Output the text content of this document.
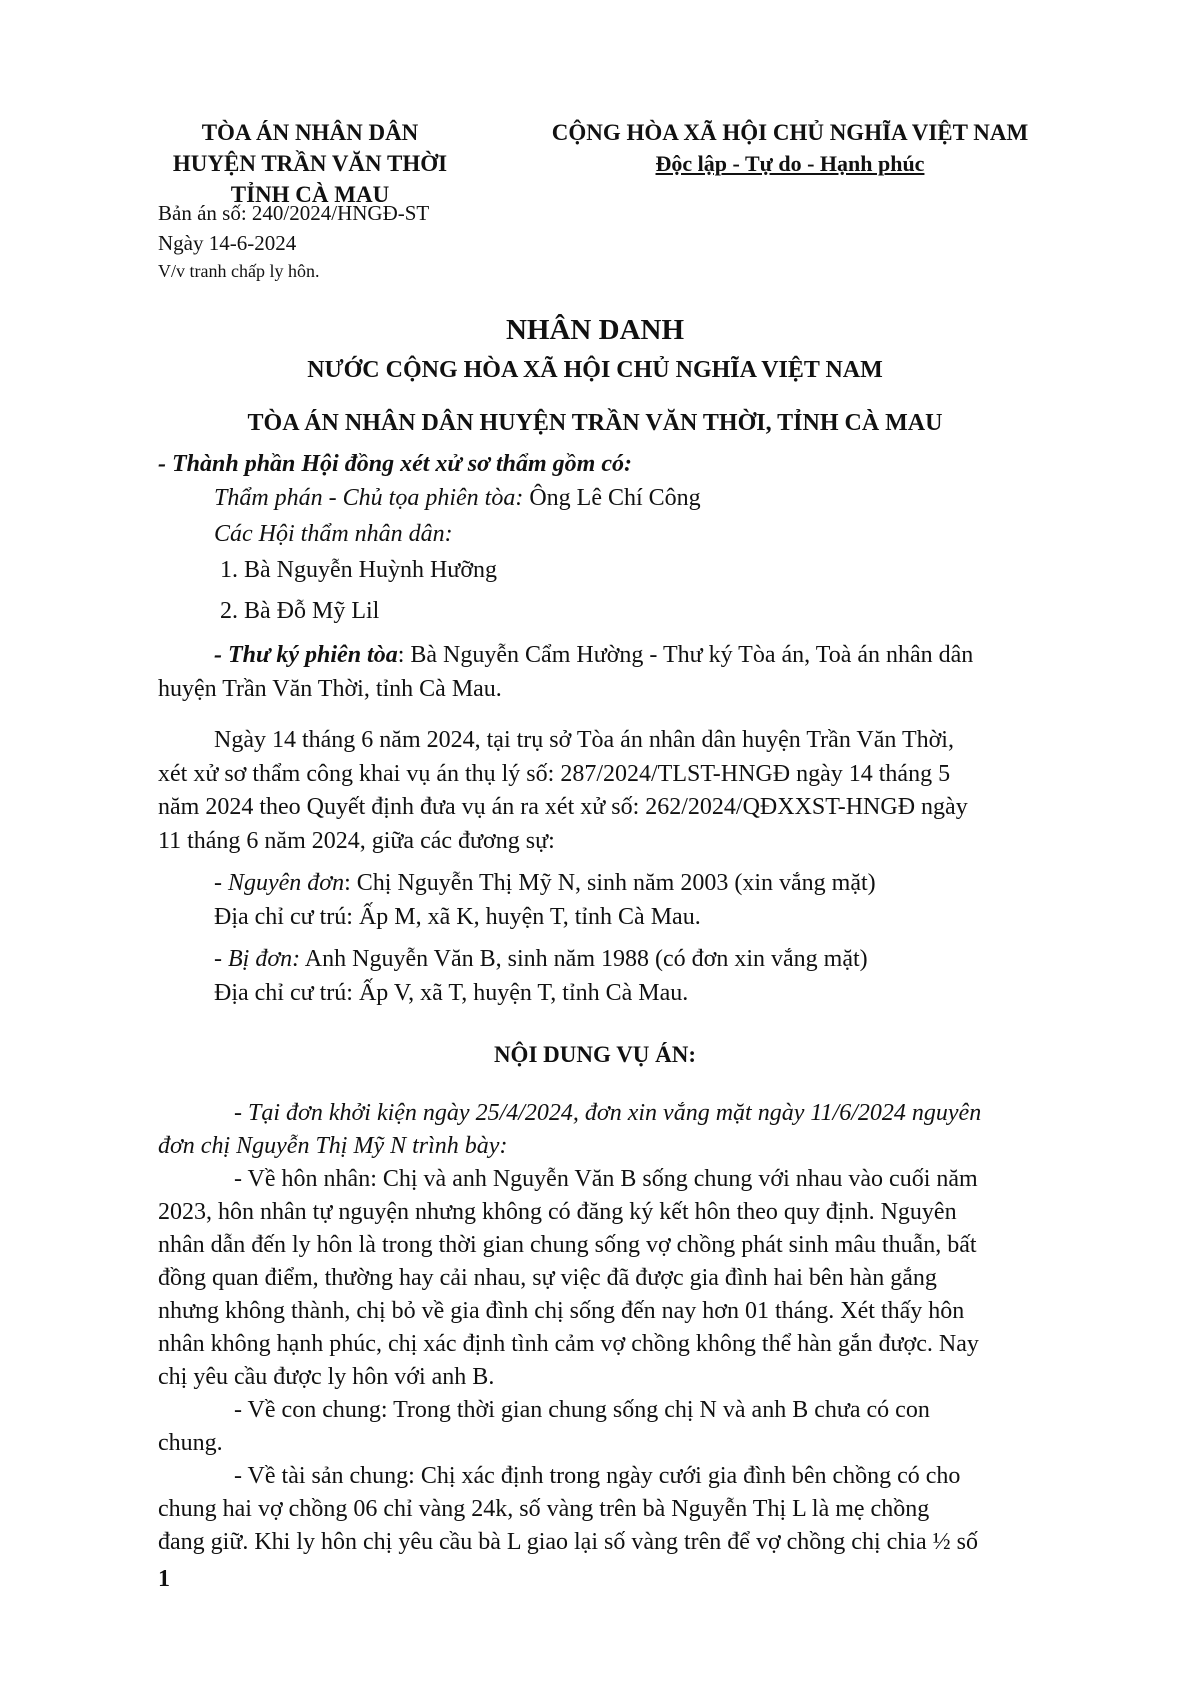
TÒA ÁN NHÂN DÂN
HUYỆN TRẦN VĂN THỜI
TỈNH CÀ MAU
CỘNG HÒA XÃ HỘI CHỦ NGHĨA VIỆT NAM
Độc lập - Tự do - Hạnh phúc
Bản án số: 240/2024/HNGĐ-ST
Ngày 14-6-2024
V/v tranh chấp ly hôn.
NHÂN DANH
NƯỚC CỘNG HÒA XÃ HỘI CHỦ NGHĨA VIỆT NAM
TÒA ÁN NHÂN DÂN HUYỆN TRẦN VĂN THỜI, TỈNH CÀ MAU
- Thành phần Hội đồng xét xử sơ thẩm gồm có:
Thẩm phán - Chủ tọa phiên tòa: Ông Lê Chí Công
Các Hội thẩm nhân dân:
1. Bà Nguyễn Huỳnh Hưỡng
2. Bà Đỗ Mỹ Lil
- Thư ký phiên tòa: Bà Nguyễn Cẩm Hường - Thư ký Tòa án, Toà án nhân dân
huyện Trần Văn Thời, tỉnh Cà Mau.
Ngày 14 tháng 6 năm 2024, tại trụ sở Tòa án nhân dân huyện Trần Văn Thời,
xét xử sơ thẩm công khai vụ án thụ lý số: 287/2024/TLST-HNGĐ ngày 14 tháng 5
năm 2024 theo Quyết định đưa vụ án ra xét xử số: 262/2024/QĐXXST-HNGĐ ngày
11 tháng 6 năm 2024, giữa các đương sự:
- Nguyên đơn: Chị Nguyễn Thị Mỹ N, sinh năm 2003 (xin vắng mặt)
Địa chỉ cư trú: Ấp M, xã K, huyện T, tỉnh Cà Mau.
- Bị đơn: Anh Nguyễn Văn B, sinh năm 1988 (có đơn xin vắng mặt)
Địa chỉ cư trú: Ấp V, xã T, huyện T, tỉnh Cà Mau.
NỘI DUNG VỤ ÁN:
- Tại đơn khởi kiện ngày 25/4/2024, đơn xin vắng mặt ngày 11/6/2024 nguyên
đơn chị Nguyễn Thị Mỹ N trình bày:
- Về hôn nhân: Chị và anh Nguyễn Văn B sống chung với nhau vào cuối năm
2023, hôn nhân tự nguyện nhưng không có đăng ký kết hôn theo quy định. Nguyên
nhân dẫn đến ly hôn là trong thời gian chung sống vợ chồng phát sinh mâu thuẫn, bất
đồng quan điểm, thường hay cải nhau, sự việc đã được gia đình hai bên hàn gắng
nhưng không thành, chị bỏ về gia đình chị sống đến nay hơn 01 tháng. Xét thấy hôn
nhân không hạnh phúc, chị xác định tình cảm vợ chồng không thể hàn gắn được. Nay
chị yêu cầu được ly hôn với anh B.
- Về con chung: Trong thời gian chung sống chị N và anh B chưa có con
chung.
- Về tài sản chung: Chị xác định trong ngày cưới gia đình bên chồng có cho
chung hai vợ chồng 06 chỉ vàng 24k, số vàng trên bà Nguyễn Thị L là mẹ chồng
đang giữ. Khi ly hôn chị yêu cầu bà L giao lại số vàng trên để vợ chồng chị chia ½ số
1
